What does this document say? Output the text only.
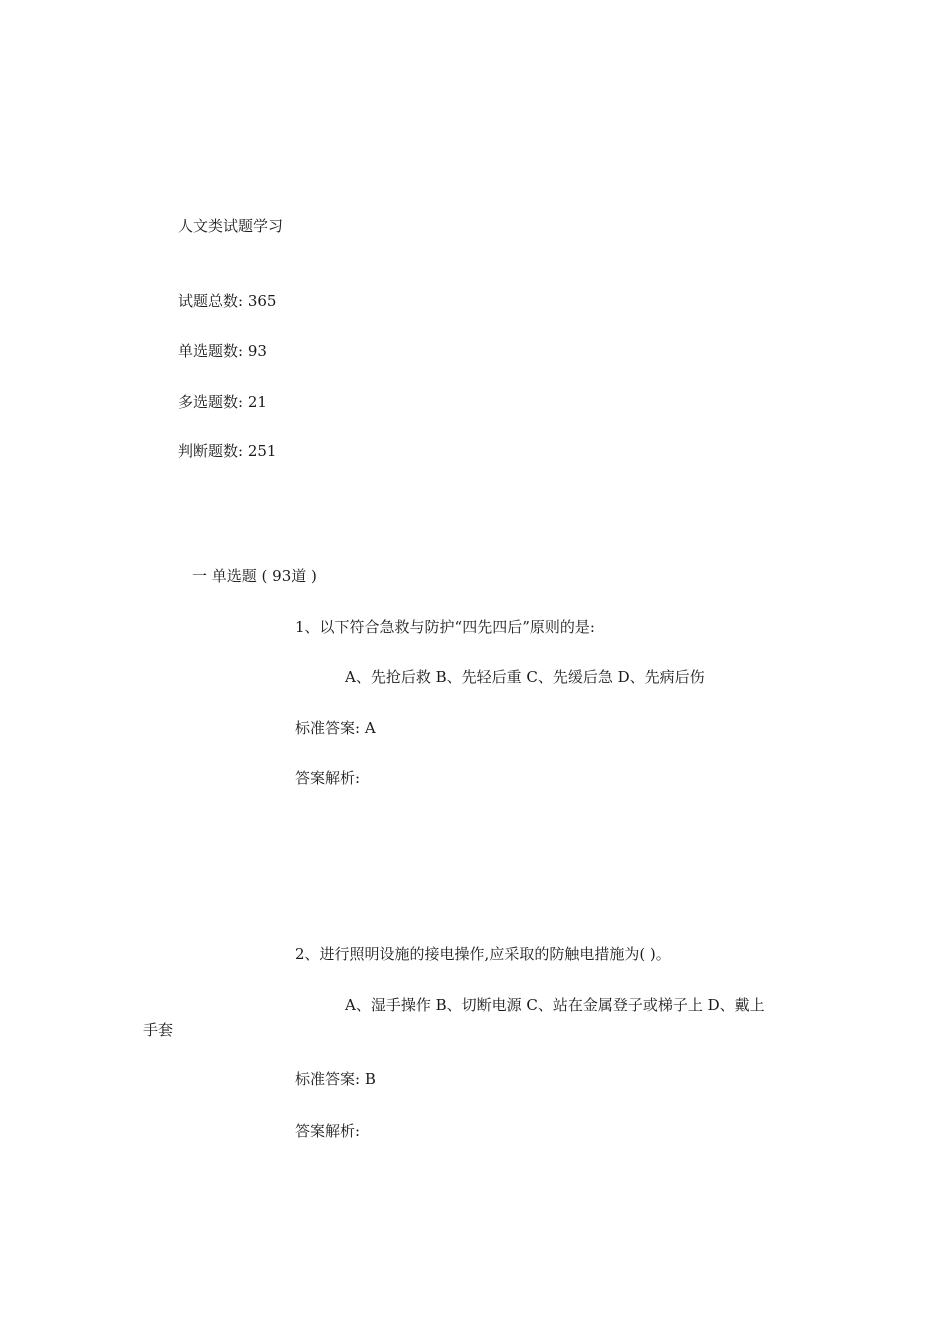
人文类试题学习
试题总数: 365
单选题数: 93
多选题数: 21
判断题数: 251
一 单选题 ( 93道 )
1、以下符合急救与防护“四先四后”原则的是:
A、先抢后救 B、先轻后重 C、先缓后急 D、先病后伤
标准答案: A
答案解析:
2、进行照明设施的接电操作,应采取的防触电措施为( )。
A、湿手操作 B、切断电源 C、站在金属登子或梯子上 D、戴上
手套
标准答案: B
答案解析:
